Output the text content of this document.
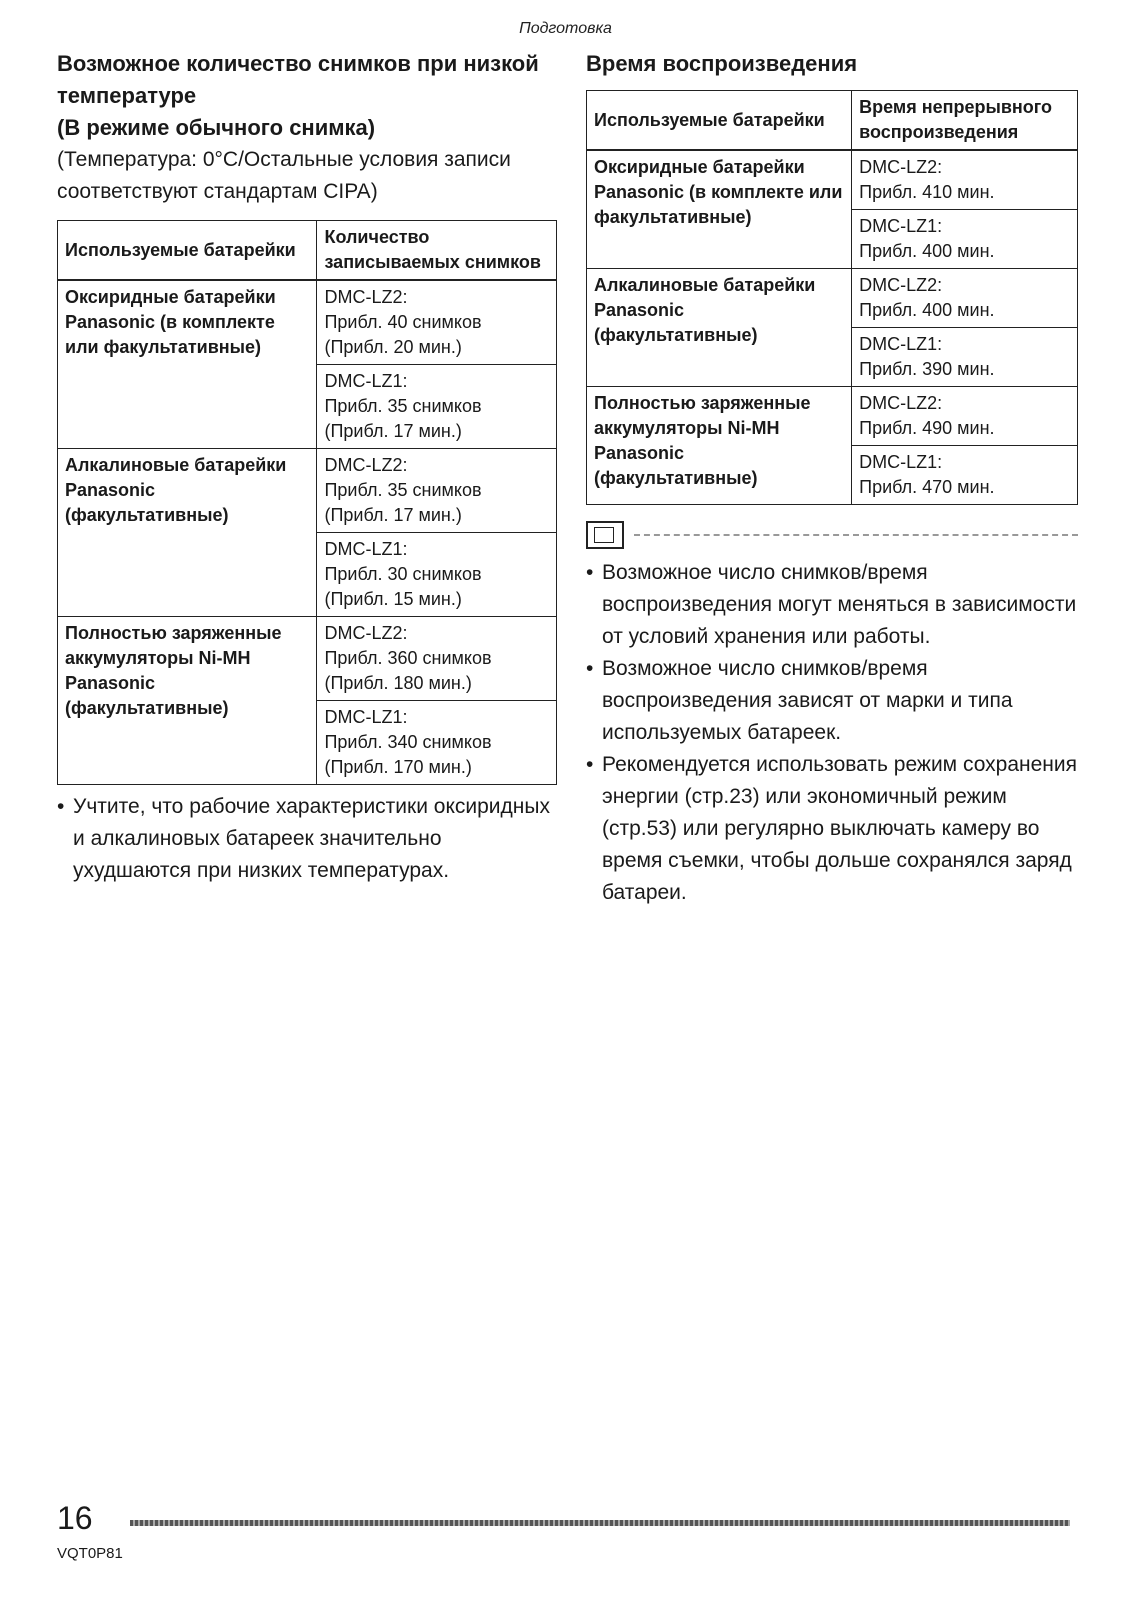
Подготовка
Возможное количество снимков при низкой температуре
(В режиме обычного снимка)
(Температура: 0°C/Остальные условия записи соответствуют стандартам CIPA)
Используемые батарейки	Количество записываемых снимков
Оксиридные батарейки Panasonic (в комплекте или факультативные)	DMC-LZ2:
Прибл. 40 снимков
(Прибл. 20 мин.)

	DMC-LZ1:
Прибл. 35 снимков
(Прибл. 17 мин.)

Алкалиновые батарейки Panasonic (факультативные)	DMC-LZ2:
Прибл. 35 снимков
(Прибл. 17 мин.)

	DMC-LZ1:
Прибл. 30 снимков
(Прибл. 15 мин.)

Полностью заряженные аккумуляторы Ni-MH Panasonic (факультативные)	DMC-LZ2:
Прибл. 360 снимков
(Прибл. 180 мин.)

	DMC-LZ1:
Прибл. 340 снимков
(Прибл. 170 мин.)
• Учтите, что рабочие характеристики оксиридных и алкалиновых батареек значительно ухудшаются при низких температурах.
Время воспроизведения
Используемые батарейки	Время непрерывного воспроизведения
Оксиридные батарейки Panasonic (в комплекте или факультативные)	DMC-LZ2:
Прибл. 410 мин.

	DMC-LZ1:
Прибл. 400 мин.

Алкалиновые батарейки Panasonic (факультативные)	DMC-LZ2:
Прибл. 400 мин.

	DMC-LZ1:
Прибл. 390 мин.

Полностью заряженные аккумуляторы Ni-MH Panasonic (факультативные)	DMC-LZ2:
Прибл. 490 мин.

	DMC-LZ1:
Прибл. 470 мин.
• Возможное число снимков/время воспроизведения могут меняться в зависимости от условий хранения или работы.
• Возможное число снимков/время воспроизведения зависят от марки и типа используемых батареек.
• Рекомендуется использовать режим сохранения энергии (стр.23) или экономичный режим (стр.53) или регулярно выключать камеру во время съемки, чтобы дольше сохранялся заряд батареи.
16
VQT0P81
